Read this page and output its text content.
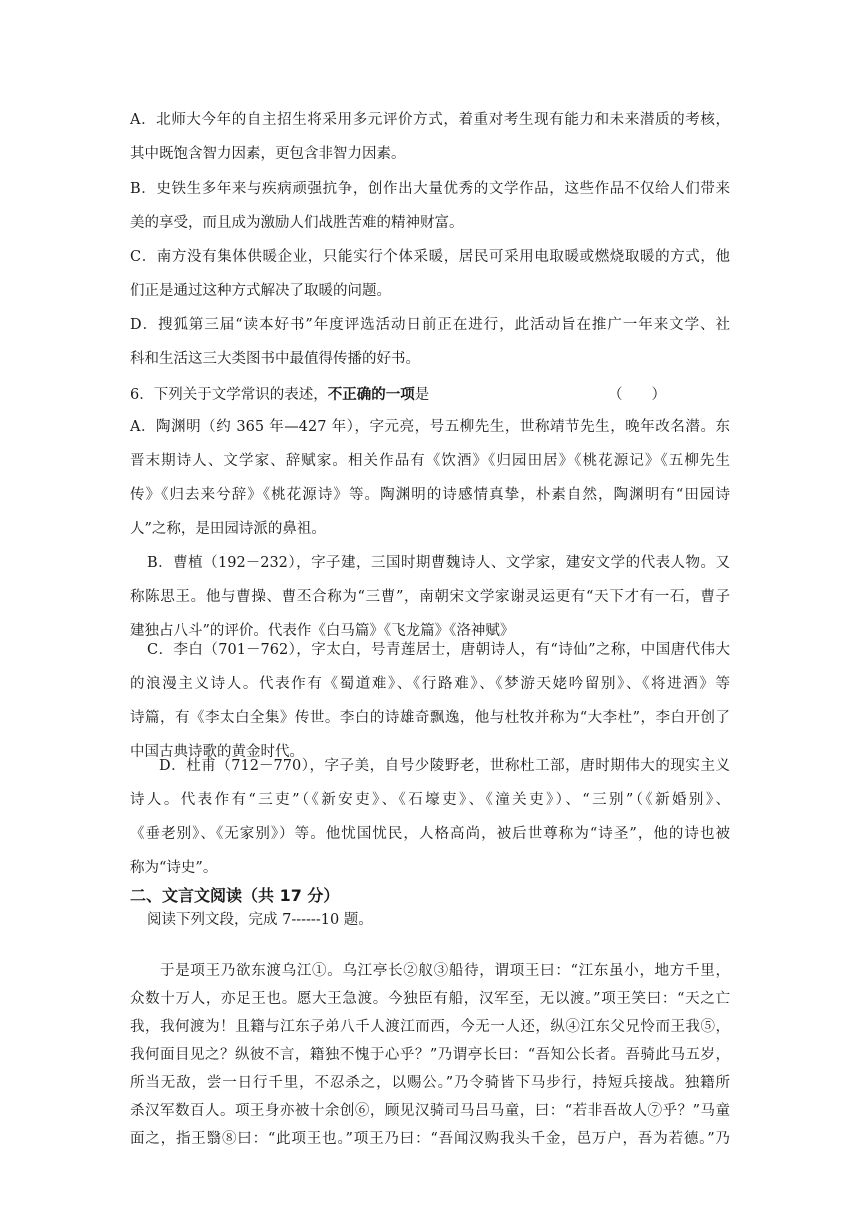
A．北师大今年的自主招生将采用多元评价方式，着重对考生现有能力和未来潜质的考核，
其中既饱含智力因素，更包含非智力因素。
B．史铁生多年来与疾病顽强抗争，创作出大量优秀的文学作品，这些作品不仅给人们带来
美的享受，而且成为激励人们战胜苦难的精神财富。
C．南方没有集体供暖企业，只能实行个体采暖，居民可采用电取暖或燃烧取暖的方式，他
们正是通过这种方式解决了取暖的问题。
D．搜狐第三届“读本好书”年度评选活动日前正在进行，此活动旨在推广一年来文学、社
科和生活这三大类图书中最值得传播的好书。
6．下列关于文学常识的表述，不正确的一项是	（　　）
A．陶渊明（约 365 年—427 年），字元亮，号五柳先生，世称靖节先生，晚年改名潜。东
晋末期诗人、文学家、辞赋家。相关作品有《饮酒》《归园田居》《桃花源记》《五柳先生
传》《归去来兮辞》《桃花源诗》等。陶渊明的诗感情真挚，朴素自然，陶渊明有“田园诗
人”之称，是田园诗派的鼻祖。
B．曹植（192－232），字子建，三国时期曹魏诗人、文学家，建安文学的代表人物。又
称陈思王。他与曹操、曹丕合称为“三曹”，南朝宋文学家谢灵运更有“天下才有一石，曹子
建独占八斗”的评价。代表作《白马篇》《飞龙篇》《洛神赋》
C．李白（701－762），字太白，号青莲居士，唐朝诗人，有“诗仙”之称，中国唐代伟大
的浪漫主义诗人。代表作有《蜀道难》、《行路难》、《梦游天姥吟留别》、《将进酒》等
诗篇，有《李太白全集》传世。李白的诗雄奇飘逸，他与杜牧并称为“大李杜”，李白开创了
中国古典诗歌的黄金时代。
D．杜甫（712－770），字子美，自号少陵野老，世称杜工部，唐时期伟大的现实主义
诗人。代表作有“三吏”（《新安吏》、《石壕吏》、《潼关吏》）、“三别”（《新婚别》、
《垂老别》、《无家别》）等。他忧国忧民，人格高尚，被后世尊称为“诗圣”，他的诗也被
称为“诗史”。
二、文言文阅读（共 17 分）
阅读下列文段，完成 7------10 题。
于是项王乃欲东渡乌江①。乌江亭长②舣③船待，谓项王曰：“江东虽小，地方千里，
众数十万人，亦足王也。愿大王急渡。今独臣有船，汉军至，无以渡。”项王笑曰：“天之亡
我，我何渡为！且籍与江东子弟八千人渡江而西，今无一人还，纵④江东父兄怜而王我⑤，
我何面目见之？纵彼不言，籍独不愧于心乎？”乃谓亭长曰：“吾知公长者。吾骑此马五岁，
所当无敌，尝一日行千里，不忍杀之，以赐公。”乃令骑皆下马步行，持短兵接战。独籍所
杀汉军数百人。项王身亦被十余创⑥，顾见汉骑司马吕马童，曰：“若非吾故人⑦乎？”马童
面之，指王翳⑧曰：“此项王也。”项王乃曰：“吾闻汉购我头千金，邑万户，吾为若德。”乃
